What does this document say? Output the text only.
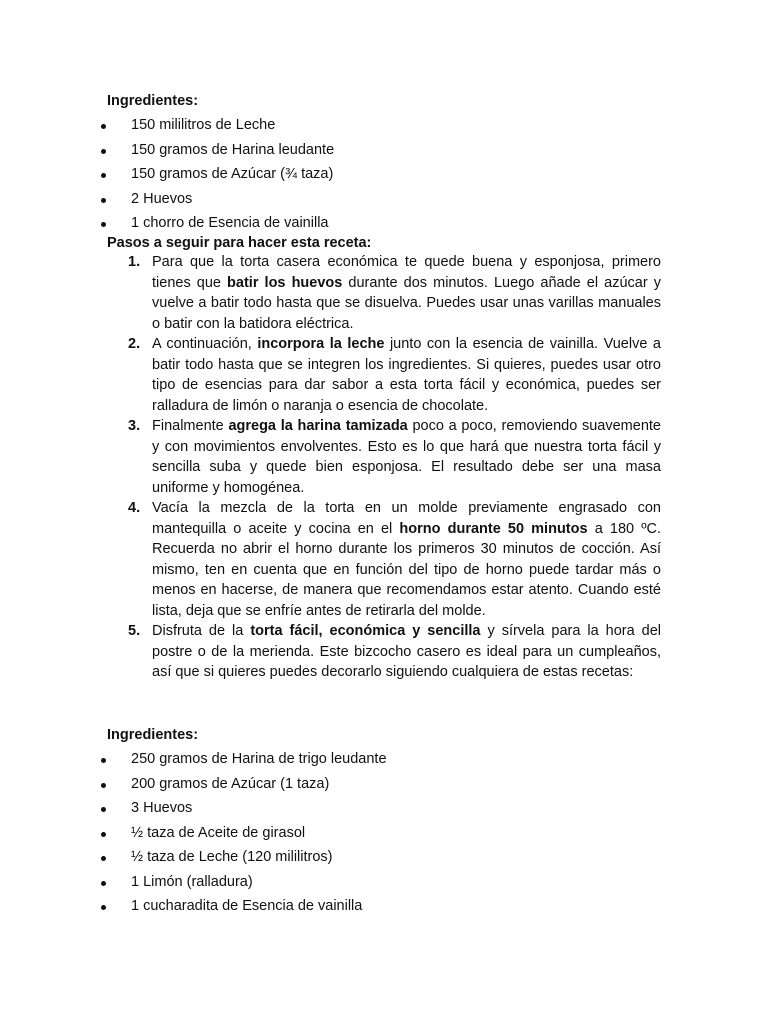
Ingredientes:
150 mililitros de Leche
150 gramos de Harina leudante
150 gramos de Azúcar (¾ taza)
2 Huevos
1 chorro de Esencia de vainilla
Pasos a seguir para hacer esta receta:
1. Para que la torta casera económica te quede buena y esponjosa, primero tienes que batir los huevos durante dos minutos. Luego añade el azúcar y vuelve a batir todo hasta que se disuelva. Puedes usar unas varillas manuales o batir con la batidora eléctrica.
2. A continuación, incorpora la leche junto con la esencia de vainilla. Vuelve a batir todo hasta que se integren los ingredientes. Si quieres, puedes usar otro tipo de esencias para dar sabor a esta torta fácil y económica, puedes ser ralladura de limón o naranja o esencia de chocolate.
3. Finalmente agrega la harina tamizada poco a poco, removiendo suavemente y con movimientos envolventes. Esto es lo que hará que nuestra torta fácil y sencilla suba y quede bien esponjosa. El resultado debe ser una masa uniforme y homogénea.
4. Vacía la mezcla de la torta en un molde previamente engrasado con mantequilla o aceite y cocina en el horno durante 50 minutos a 180 ºC. Recuerda no abrir el horno durante los primeros 30 minutos de cocción. Así mismo, ten en cuenta que en función del tipo de horno puede tardar más o menos en hacerse, de manera que recomendamos estar atento. Cuando esté lista, deja que se enfríe antes de retirarla del molde.
5. Disfruta de la torta fácil, económica y sencilla y sírvela para la hora del postre o de la merienda. Este bizcocho casero es ideal para un cumpleaños, así que si quieres puedes decorarlo siguiendo cualquiera de estas recetas:
Ingredientes:
250 gramos de Harina de trigo leudante
200 gramos de Azúcar (1 taza)
3 Huevos
½ taza de Aceite de girasol
½ taza de Leche (120 mililitros)
1 Limón (ralladura)
1 cucharadita de Esencia de vainilla
